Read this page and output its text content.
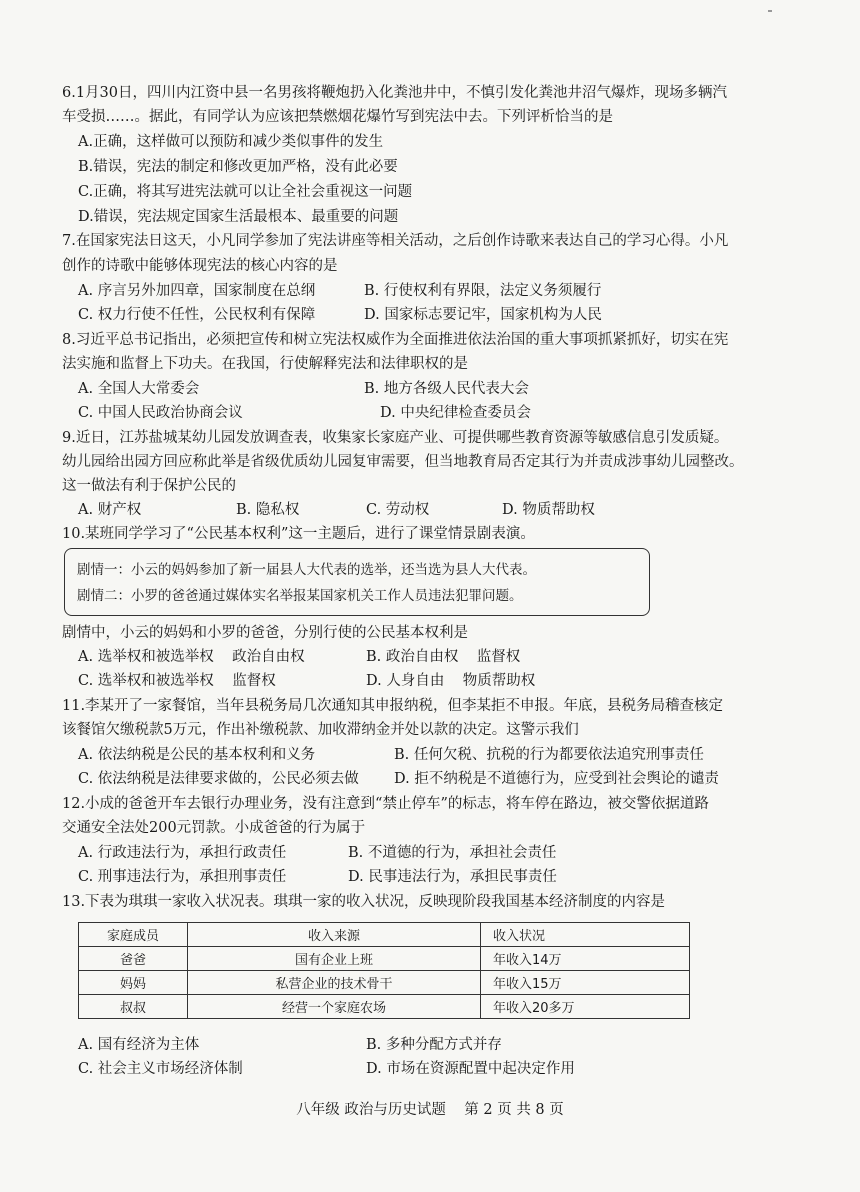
6.1月30日，四川内江资中县一名男孩将鞭炮扔入化粪池井中，不慎引发化粪池井沼气爆炸，现场多辆汽
车受损……。据此，有同学认为应该把禁燃烟花爆竹写到宪法中去。下列评析恰当的是
A.正确，这样做可以预防和减少类似事件的发生
B.错误，宪法的制定和修改更加严格，没有此必要
C.正确，将其写进宪法就可以让全社会重视这一问题
D.错误，宪法规定国家生活最根本、最重要的问题
7.在国家宪法日这天，小凡同学参加了宪法讲座等相关活动，之后创作诗歌来表达自己的学习心得。小凡
创作的诗歌中能够体现宪法的核心内容的是
A. 序言另外加四章，国家制度在总纲	B. 行使权利有界限，法定义务须履行
C. 权力行使不任性，公民权利有保障	D. 国家标志要记牢，国家机构为人民
8.习近平总书记指出，必须把宣传和树立宪法权威作为全面推进依法治国的重大事项抓紧抓好，切实在宪
法实施和监督上下功夫。在我国，行使解释宪法和法律职权的是
A. 全国人大常委会	B. 地方各级人民代表大会
C. 中国人民政治协商会议	D. 中央纪律检查委员会
9.近日，江苏盐城某幼儿园发放调查表，收集家长家庭产业、可提供哪些教育资源等敏感信息引发质疑。
幼儿园给出园方回应称此举是省级优质幼儿园复审需要，但当地教育局否定其行为并责成涉事幼儿园整改。
这一做法有利于保护公民的
A. 财产权	B. 隐私权	C. 劳动权	D. 物质帮助权
10.某班同学学习了“公民基本权利”这一主题后，进行了课堂情景剧表演。
剧情一：小云的妈妈参加了新一届县人大代表的选举，还当选为县人大代表。
剧情二：小罗的爸爸通过媒体实名举报某国家机关工作人员违法犯罪问题。
剧情中，小云的妈妈和小罗的爸爸，分别行使的公民基本权利是
A. 选举权和被选举权    政治自由权	B. 政治自由权    监督权
C. 选举权和被选举权    监督权	D. 人身自由    物质帮助权
11.李某开了一家餐馆，当年县税务局几次通知其申报纳税，但李某拒不申报。年底，县税务局稽查核定
该餐馆欠缴税款5万元，作出补缴税款、加收滞纳金并处以款的决定。这警示我们
A. 依法纳税是公民的基本权利和义务	B. 任何欠税、抗税的行为都要依法追究刑事责任
C. 依法纳税是法律要求做的，公民必须去做 D. 拒不纳税是不道德行为，应受到社会舆论的谴责
12.小成的爸爸开车去银行办理业务，没有注意到“禁止停车”的标志，将车停在路边，被交警依据道路
交通安全法处200元罚款。小成爸爸的行为属于
A. 行政违法行为，承担行政责任	B. 不道德的行为，承担社会责任
C. 刑事违法行为，承担刑事责任	D. 民事违法行为，承担民事责任
13.下表为琪琪一家收入状况表。琪琪一家的收入状况，反映现阶段我国基本经济制度的内容是
家庭成员	收入来源	收入状况
爸爸	国有企业上班	年收入14万
妈妈	私营企业的技术骨干	年收入15万
叔叔	经营一个家庭农场	年收入20多万
A. 国有经济为主体	B. 多种分配方式并存
C. 社会主义市场经济体制	D. 市场在资源配置中起决定作用
八年级 政治与历史试题    第 2 页 共 8 页
